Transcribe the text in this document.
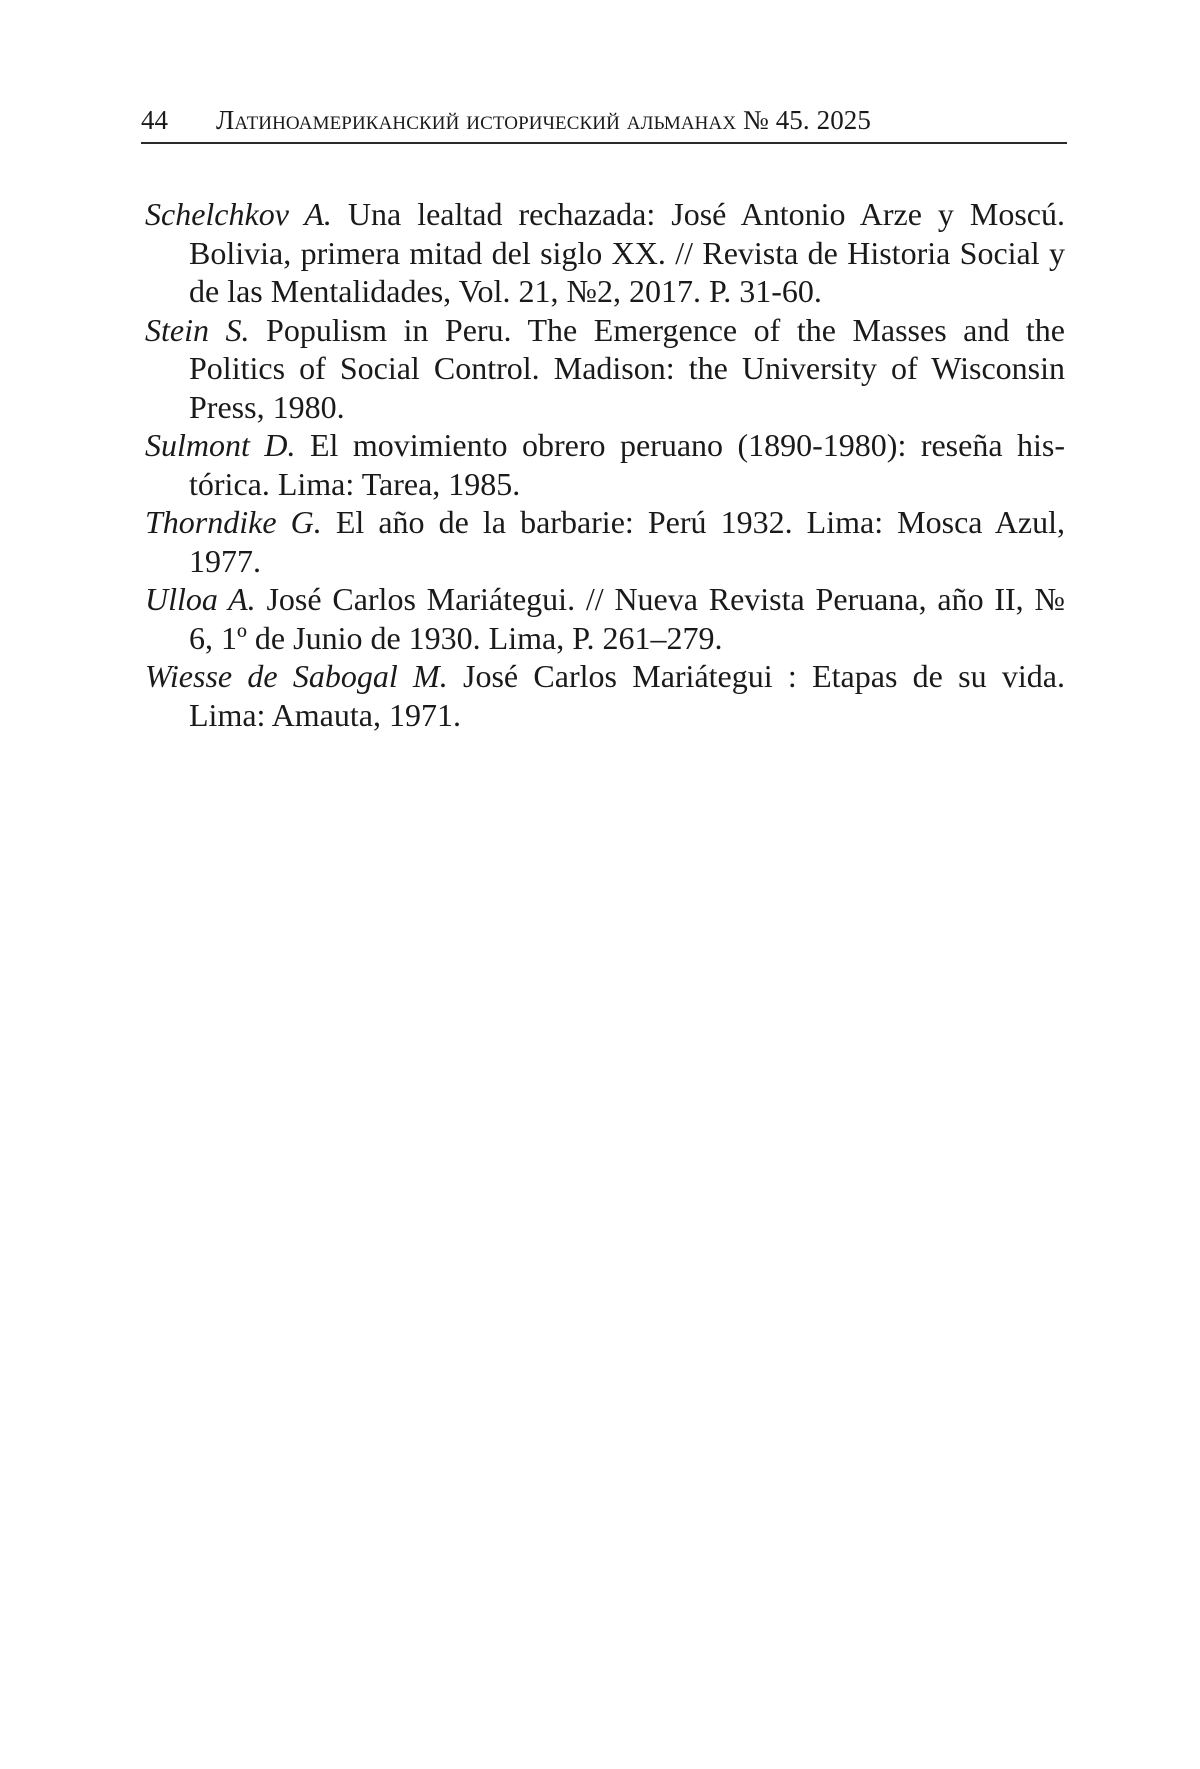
44	Латиноамериканский исторический альманах № 45. 2025
Schelchkov A. Una lealtad rechazada: José Antonio Arze y Moscú. Bolivia, primera mitad del siglo XX. // Revista de Historia Social y de las Mentalidades, Vol. 21, №2, 2017. P. 31-60.
Stein S. Populism in Peru. The Emergence of the Masses and the Politics of Social Control. Madison: the University of Wisconsin Press, 1980.
Sulmont D. El movimiento obrero peruano (1890-1980): reseña histórica. Lima: Tarea, 1985.
Thorndike G. El año de la barbarie: Perú 1932. Lima: Mosca Azul, 1977.
Ulloa A. José Carlos Mariátegui. // Nueva Revista Peruana, año II, № 6, 1º de Junio de 1930. Lima, P. 261–279.
Wiesse de Sabogal M. José Carlos Mariátegui : Etapas de su vida. Lima: Amauta, 1971.
